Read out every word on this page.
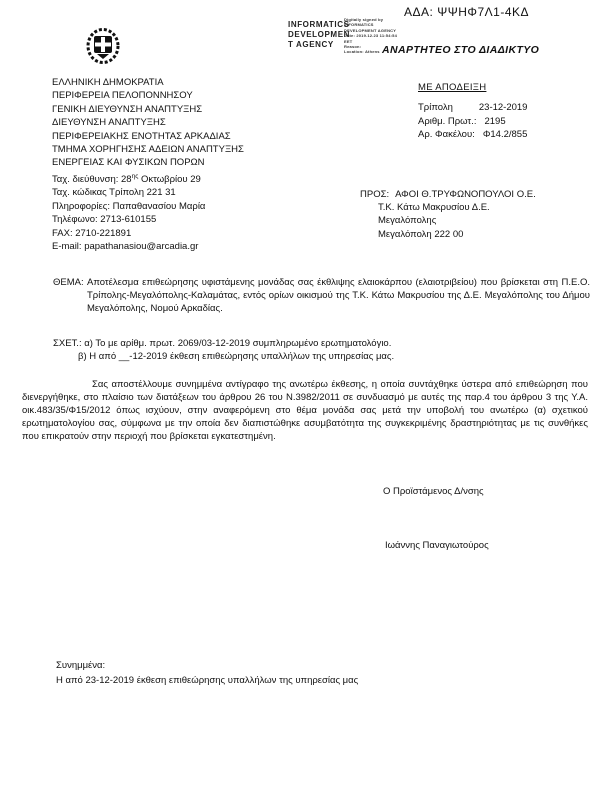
ΑΔΑ: ΨΨΗΦ7Λ1-4ΚΔ
INFORMATICS
DEVELOPMEN
T AGENCY
Digitally signed by
INFORMATICS
DEVELOPMENT AGENCY
Date: 2019.12.23 11:54:54
EET
Reason:
Location: Athens ΑΝΑΡΤΗΤΕΟ ΣΤΟ ΔΙΑΔΙΚΤΥΟ
ΕΛΛΗΝΙΚΗ ΔΗΜΟΚΡΑΤΙΑ
ΠΕΡΙΦΕΡΕΙΑ ΠΕΛΟΠΟΝΝΗΣΟΥ
ΓΕΝΙΚΗ ΔΙΕΥΘΥΝΣΗ ΑΝΑΠΤΥΞΗΣ
ΔΙΕΥΘΥΝΣΗ ΑΝΑΠΤΥΞΗΣ
ΠΕΡΙΦΕΡΕΙΑΚΗΣ ΕΝΟΤΗΤΑΣ ΑΡΚΑΔΙΑΣ
ΤΜΗΜΑ ΧΟΡΗΓΗΣΗΣ ΑΔΕΙΩΝ ΑΝΑΠΤΥΞΗΣ
ΕΝΕΡΓΕΙΑΣ ΚΑΙ ΦΥΣΙΚΩΝ ΠΟΡΩΝ
Ταχ. διεύθυνση: $28^{\eta\varsigma}$ Οκτωβρίου 29
Ταχ. κώδικας Τρίπολη 221 31
Πληροφορίες: Παπαθανασίου Μαρία
Τηλέφωνο: 2713-610155
FAX: 2710-221891
E-mail: papathanasiou@arcadia.gr
ΜΕ ΑΠΟΔΕΙΞΗ
Τρίπολη	23-12-2019
Αριθμ. Πρωτ.: 2195
Αρ. Φακέλου: Φ14.2/855
ΠΡΟΣ: ΑΦΟΙ Θ.ΤΡΥΦΩΝΟΠΟΥΛΟΙ Ο.Ε.
Τ.Κ. Κάτω Μακρυσίου Δ.Ε.
Μεγαλόπολης
Μεγαλόπολη 222 00
ΘΕΜΑ: Αποτέλεσμα επιθεώρησης υφιστάμενης μονάδας σας έκθλιψης ελαιοκάρπου (ελαιοτριβείου) που βρίσκεται στη Π.Ε.Ο. Τρίπολης-Μεγαλόπολης-Καλαμάτας, εντός ορίων οικισμού της Τ.Κ. Κάτω Μακρυσίου της Δ.Ε. Μεγαλόπολης του Δήμου Μεγαλόπολης, Νομού Αρκαδίας.
ΣΧΕΤ.: α) Το με αρίθμ. πρωτ. 2069/03-12-2019 συμπληρωμένο ερωτηματολόγιο.
β) Η από __-12-2019 έκθεση επιθεώρησης υπαλλήλων της υπηρεσίας μας.
Σας αποστέλλουμε συνημμένα αντίγραφο της ανωτέρω έκθεσης, η οποία συντάχθηκε ύστερα από επιθεώρηση που διενεργήθηκε, στο πλαίσιο των διατάξεων του άρθρου 26 του Ν.3982/2011 σε συνδυασμό με αυτές της παρ.4 του άρθρου 3 της Υ.Α. οικ.483/35/Φ15/2012 όπως ισχύουν, στην αναφερόμενη στο θέμα μονάδα σας μετά την υποβολή του ανωτέρω (α) σχετικού ερωτηματολογίου σας, σύμφωνα με την οποία δεν διαπιστώθηκε ασυμβατότητα της συγκεκριμένης δραστηριότητας με τις συνθήκες που επικρατούν στην περιοχή που βρίσκεται εγκατεστημένη.
Ο Προϊστάμενος Δ/νσης
Ιωάννης Παναγιωτούρος
Συνημμένα:
Η από 23-12-2019 έκθεση επιθεώρησης υπαλλήλων της υπηρεσίας μας
